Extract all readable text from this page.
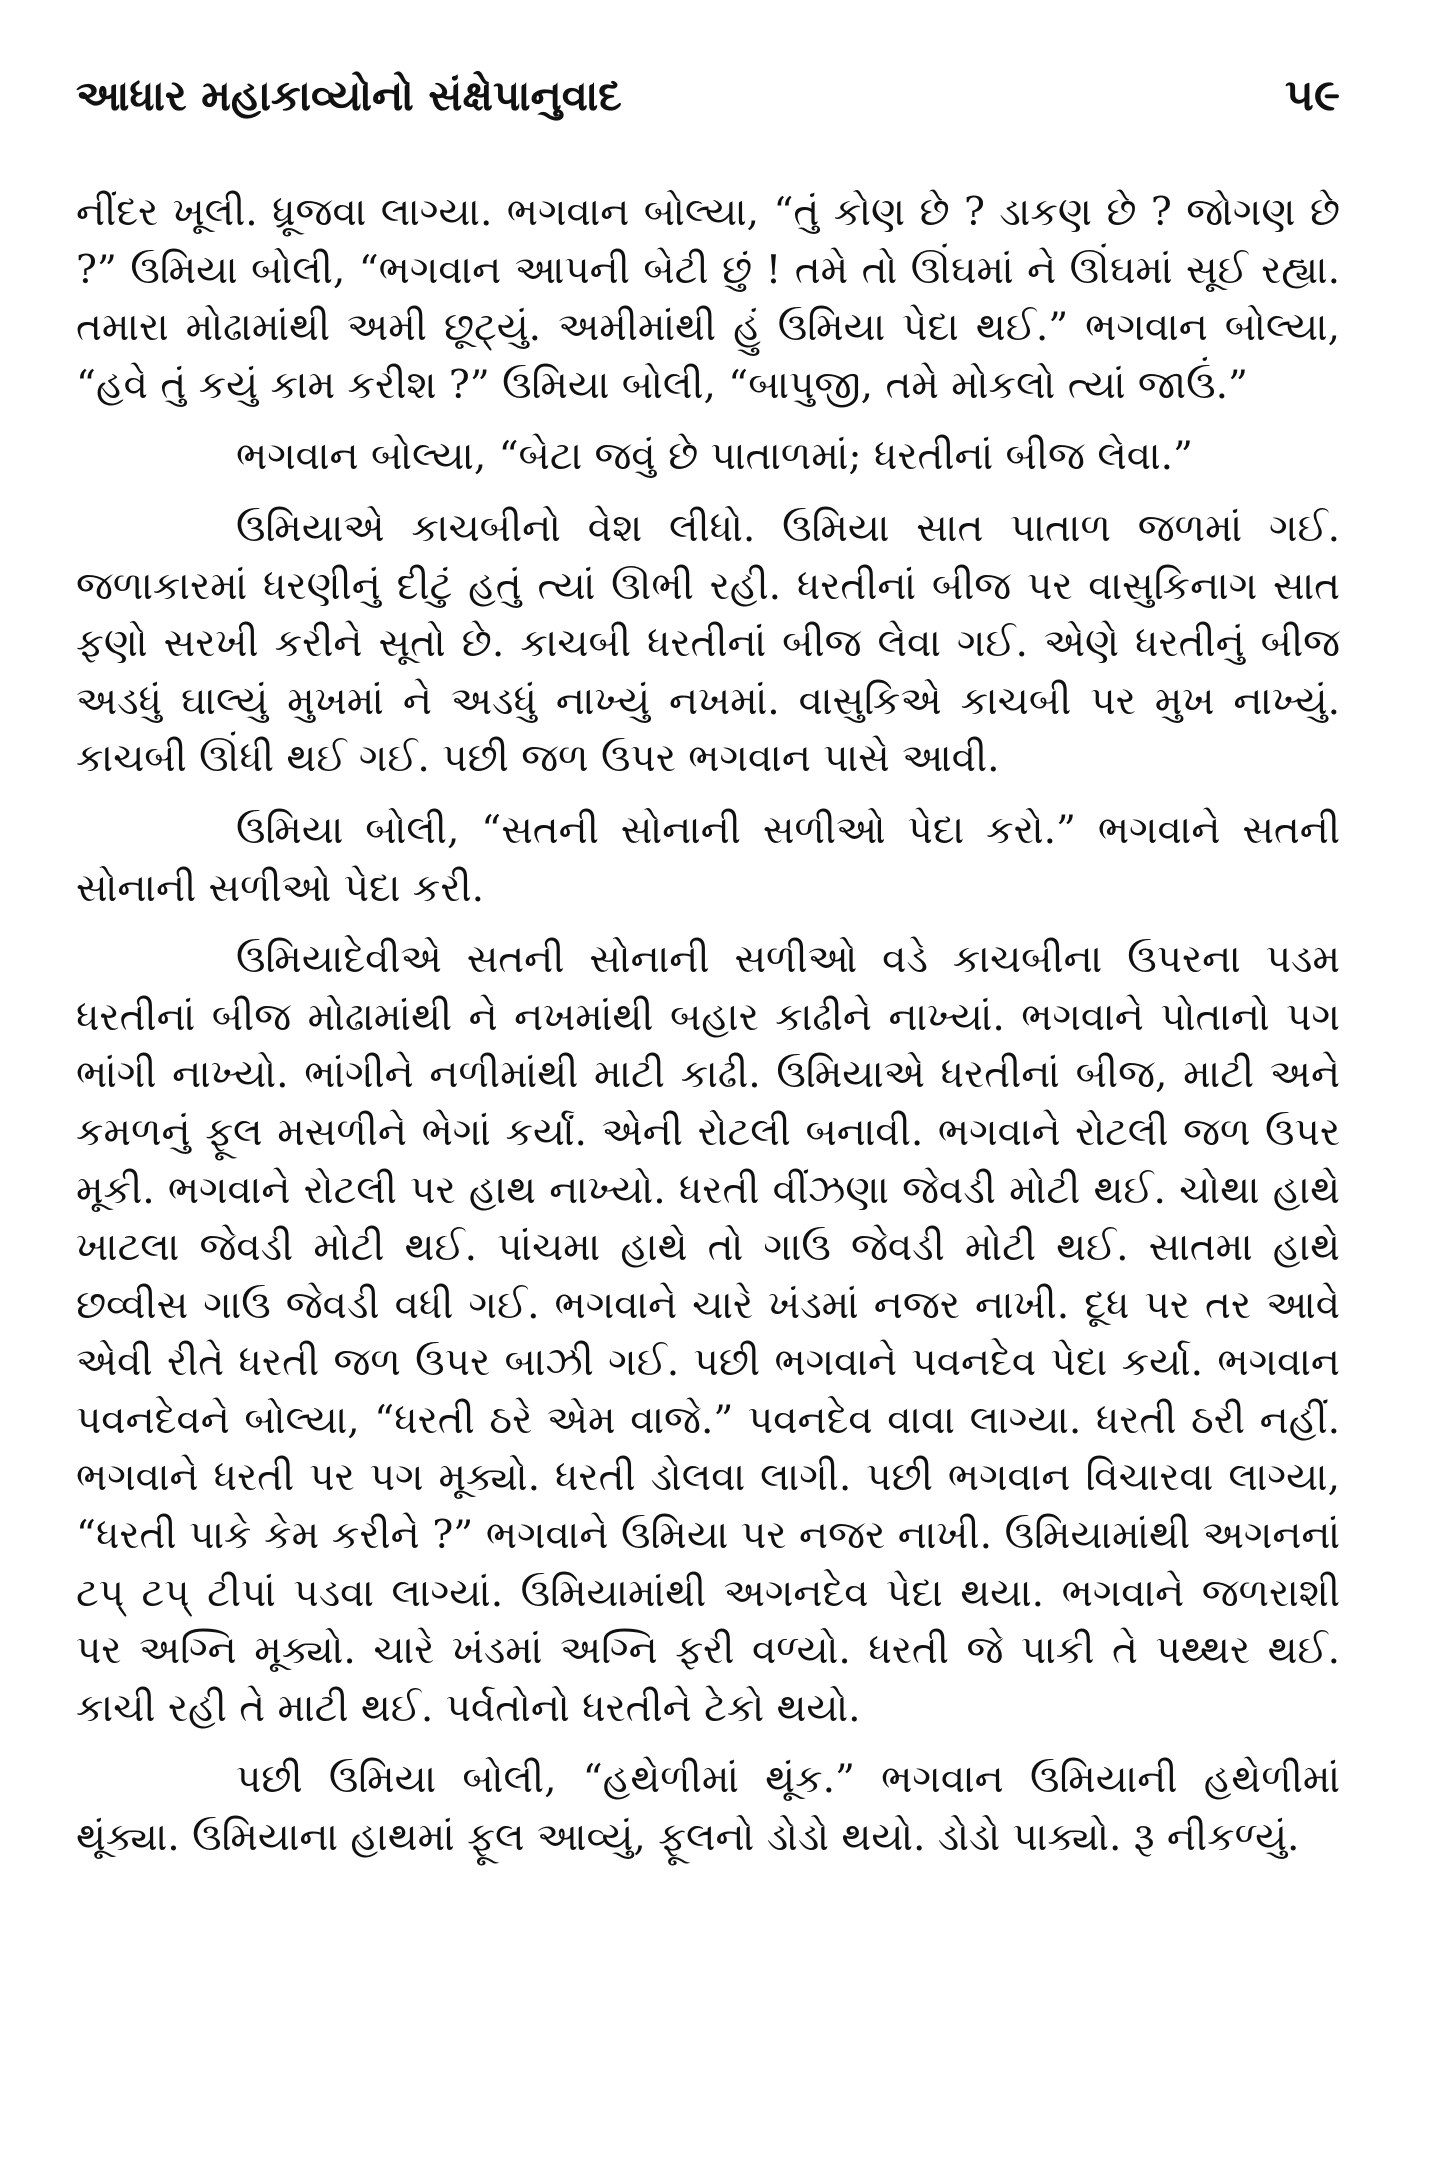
આધાર મહાકાવ્યોનો સંક્ષેપાનુવાદ	૫૯

નીંદર ખૂલી. ધ્રૂજવા લાગ્યા. ભગવાન બોલ્યા, “તું કોણ છે ? ડાકણ છે ? જોગણ છે ?” ઉમિયા બોલી, “ભગવાન આપની બેટી છું ! તમે તો ઊંઘમાં ને ઊંઘમાં સૂઈ રહ્યા. તમારા મોઢામાંથી અમી છૂટ્યું. અમીમાંથી હું ઉમિયા પેદા થઈ.” ભગવાન બોલ્યા, “હવે તું કયું કામ કરીશ ?” ઉમિયા બોલી, “બાપુજી, તમે મોકલો ત્યાં જાઉં.”

ભગવાન બોલ્યા, “બેટા જવું છે પાતાળમાં; ધરતીનાં બીજ લેવા.”

ઉમિયાએ કાચબીનો વેશ લીધો. ઉમિયા સાત પાતાળ જળમાં ગઈ. જળાકારમાં ધરણીનું દીટું હતું ત્યાં ઊભી રહી. ધરતીનાં બીજ પર વાસુકિનાગ સાત ફણો સરખી કરીને સૂતો છે. કાચબી ધરતીનાં બીજ લેવા ગઈ. એણે ધરતીનું બીજ અડધું ઘાલ્યું મુખમાં ને અડધું નાખ્યું નખમાં. વાસુકિએ કાચબી પર મુખ નાખ્યું. કાચબી ઊંધી થઈ ગઈ. પછી જળ ઉપર ભગવાન પાસે આવી.

ઉમિયા બોલી, “સતની સોનાની સળીઓ પેદા કરો.” ભગવાને સતની સોનાની સળીઓ પેદા કરી.

ઉમિયાદેવીએ સતની સોનાની સળીઓ વડે કાચબીના ઉપરના પડમ ધરતીનાં બીજ મોઢામાંથી ને નખમાંથી બહાર કાઢીને નાખ્યાં. ભગવાને પોતાનો પગ ભાંગી નાખ્યો. ભાંગીને નળીમાંથી માટી કાઢી. ઉમિયાએ ધરતીનાં બીજ, માટી અને કમળનું ફૂલ મસળીને ભેગાં કર્યાં. એની રોટલી બનાવી. ભગવાને રોટલી જળ ઉપર મૂકી. ભગવાને રોટલી પર હાથ નાખ્યો. ધરતી વીંઝણા જેવડી મોટી થઈ. ચોથા હાથે ખાટલા જેવડી મોટી થઈ. પાંચમા હાથે તો ગાઉ જેવડી મોટી થઈ. સાતમા હાથે છવ્વીસ ગાઉ જેવડી વધી ગઈ. ભગવાને ચારે ખંડમાં નજર નાખી. દૂધ પર તર આવે એવી રીતે ધરતી જળ ઉપર બાઝી ગઈ. પછી ભગવાને પવનદેવ પેદા કર્યા. ભગવાન પવનદેવને બોલ્યા, “ધરતી ઠરે એમ વાજે.” પવનદેવ વાવા લાગ્યા. ધરતી ઠરી નહીં. ભગવાને ધરતી પર પગ મૂક્યો. ધરતી ડોલવા લાગી. પછી ભગવાન વિચારવા લાગ્યા, “ધરતી પાકે કેમ કરીને ?” ભગવાને ઉમિયા પર નજર નાખી. ઉમિયામાંથી અગનનાં ટપ્ ટપ્ ટીપાં પડવા લાગ્યાં. ઉમિયામાંથી અગનદેવ પેદા થયા. ભગવાને જળરાશી પર અગ્નિ મૂક્યો. ચારે ખંડમાં અગ્નિ ફરી વળ્યો. ધરતી જે પાકી તે પથ્થર થઈ. કાચી રહી તે માટી થઈ. પર્વતોનો ધરતીને ટેકો થયો.

પછી ઉમિયા બોલી, “હથેળીમાં થૂંક.” ભગવાન ઉમિયાની હથેળીમાં થૂંક્યા. ઉમિયાના હાથમાં ફૂલ આવ્યું, ફૂલનો ડોડો થયો. ડોડો પાક્યો. રૂ નીકળ્યું.
